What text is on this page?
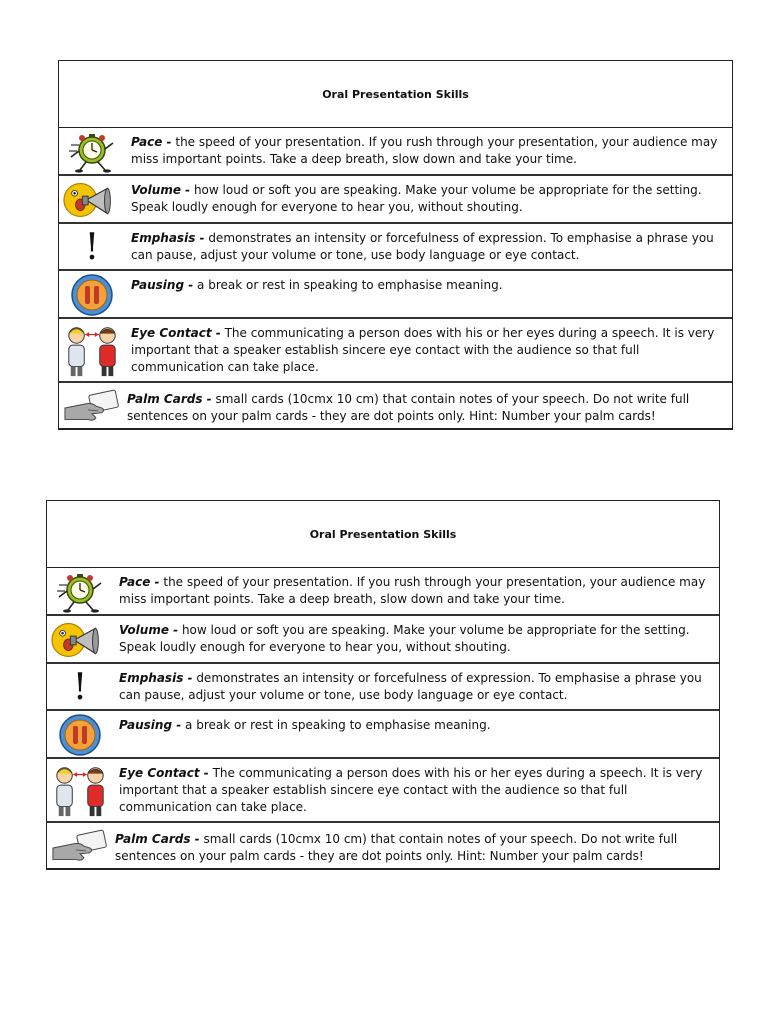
Oral Presentation Skills
Pace - the speed of your presentation. If you rush through your presentation, your audience may miss important points. Take a deep breath, slow down and take your time.
Volume - how loud or soft you are speaking. Make your volume be appropriate for the setting. Speak loudly enough for everyone to hear you, without shouting.
!	Emphasis - demonstrates an intensity or forcefulness of expression. To emphasise a phrase you can pause, adjust your volume or tone, use body language or eye contact.
Pausing - a break or rest in speaking to emphasise meaning.
Eye Contact - The communicating a person does with his or her eyes during a speech. It is very important that a speaker establish sincere eye contact with the audience so that full communication can take place.
Palm Cards - small cards (10cmx 10 cm) that contain notes of your speech. Do not write full sentences on your palm cards - they are dot points only. Hint: Number your palm cards!
Oral Presentation Skills
Pace - the speed of your presentation. If you rush through your presentation, your audience may miss important points. Take a deep breath, slow down and take your time.
Volume - how loud or soft you are speaking. Make your volume be appropriate for the setting. Speak loudly enough for everyone to hear you, without shouting.
!	Emphasis - demonstrates an intensity or forcefulness of expression. To emphasise a phrase you can pause, adjust your volume or tone, use body language or eye contact.
Pausing - a break or rest in speaking to emphasise meaning.
Eye Contact - The communicating a person does with his or her eyes during a speech. It is very important that a speaker establish sincere eye contact with the audience so that full communication can take place.
Palm Cards - small cards (10cmx 10 cm) that contain notes of your speech. Do not write full sentences on your palm cards - they are dot points only. Hint: Number your palm cards!
